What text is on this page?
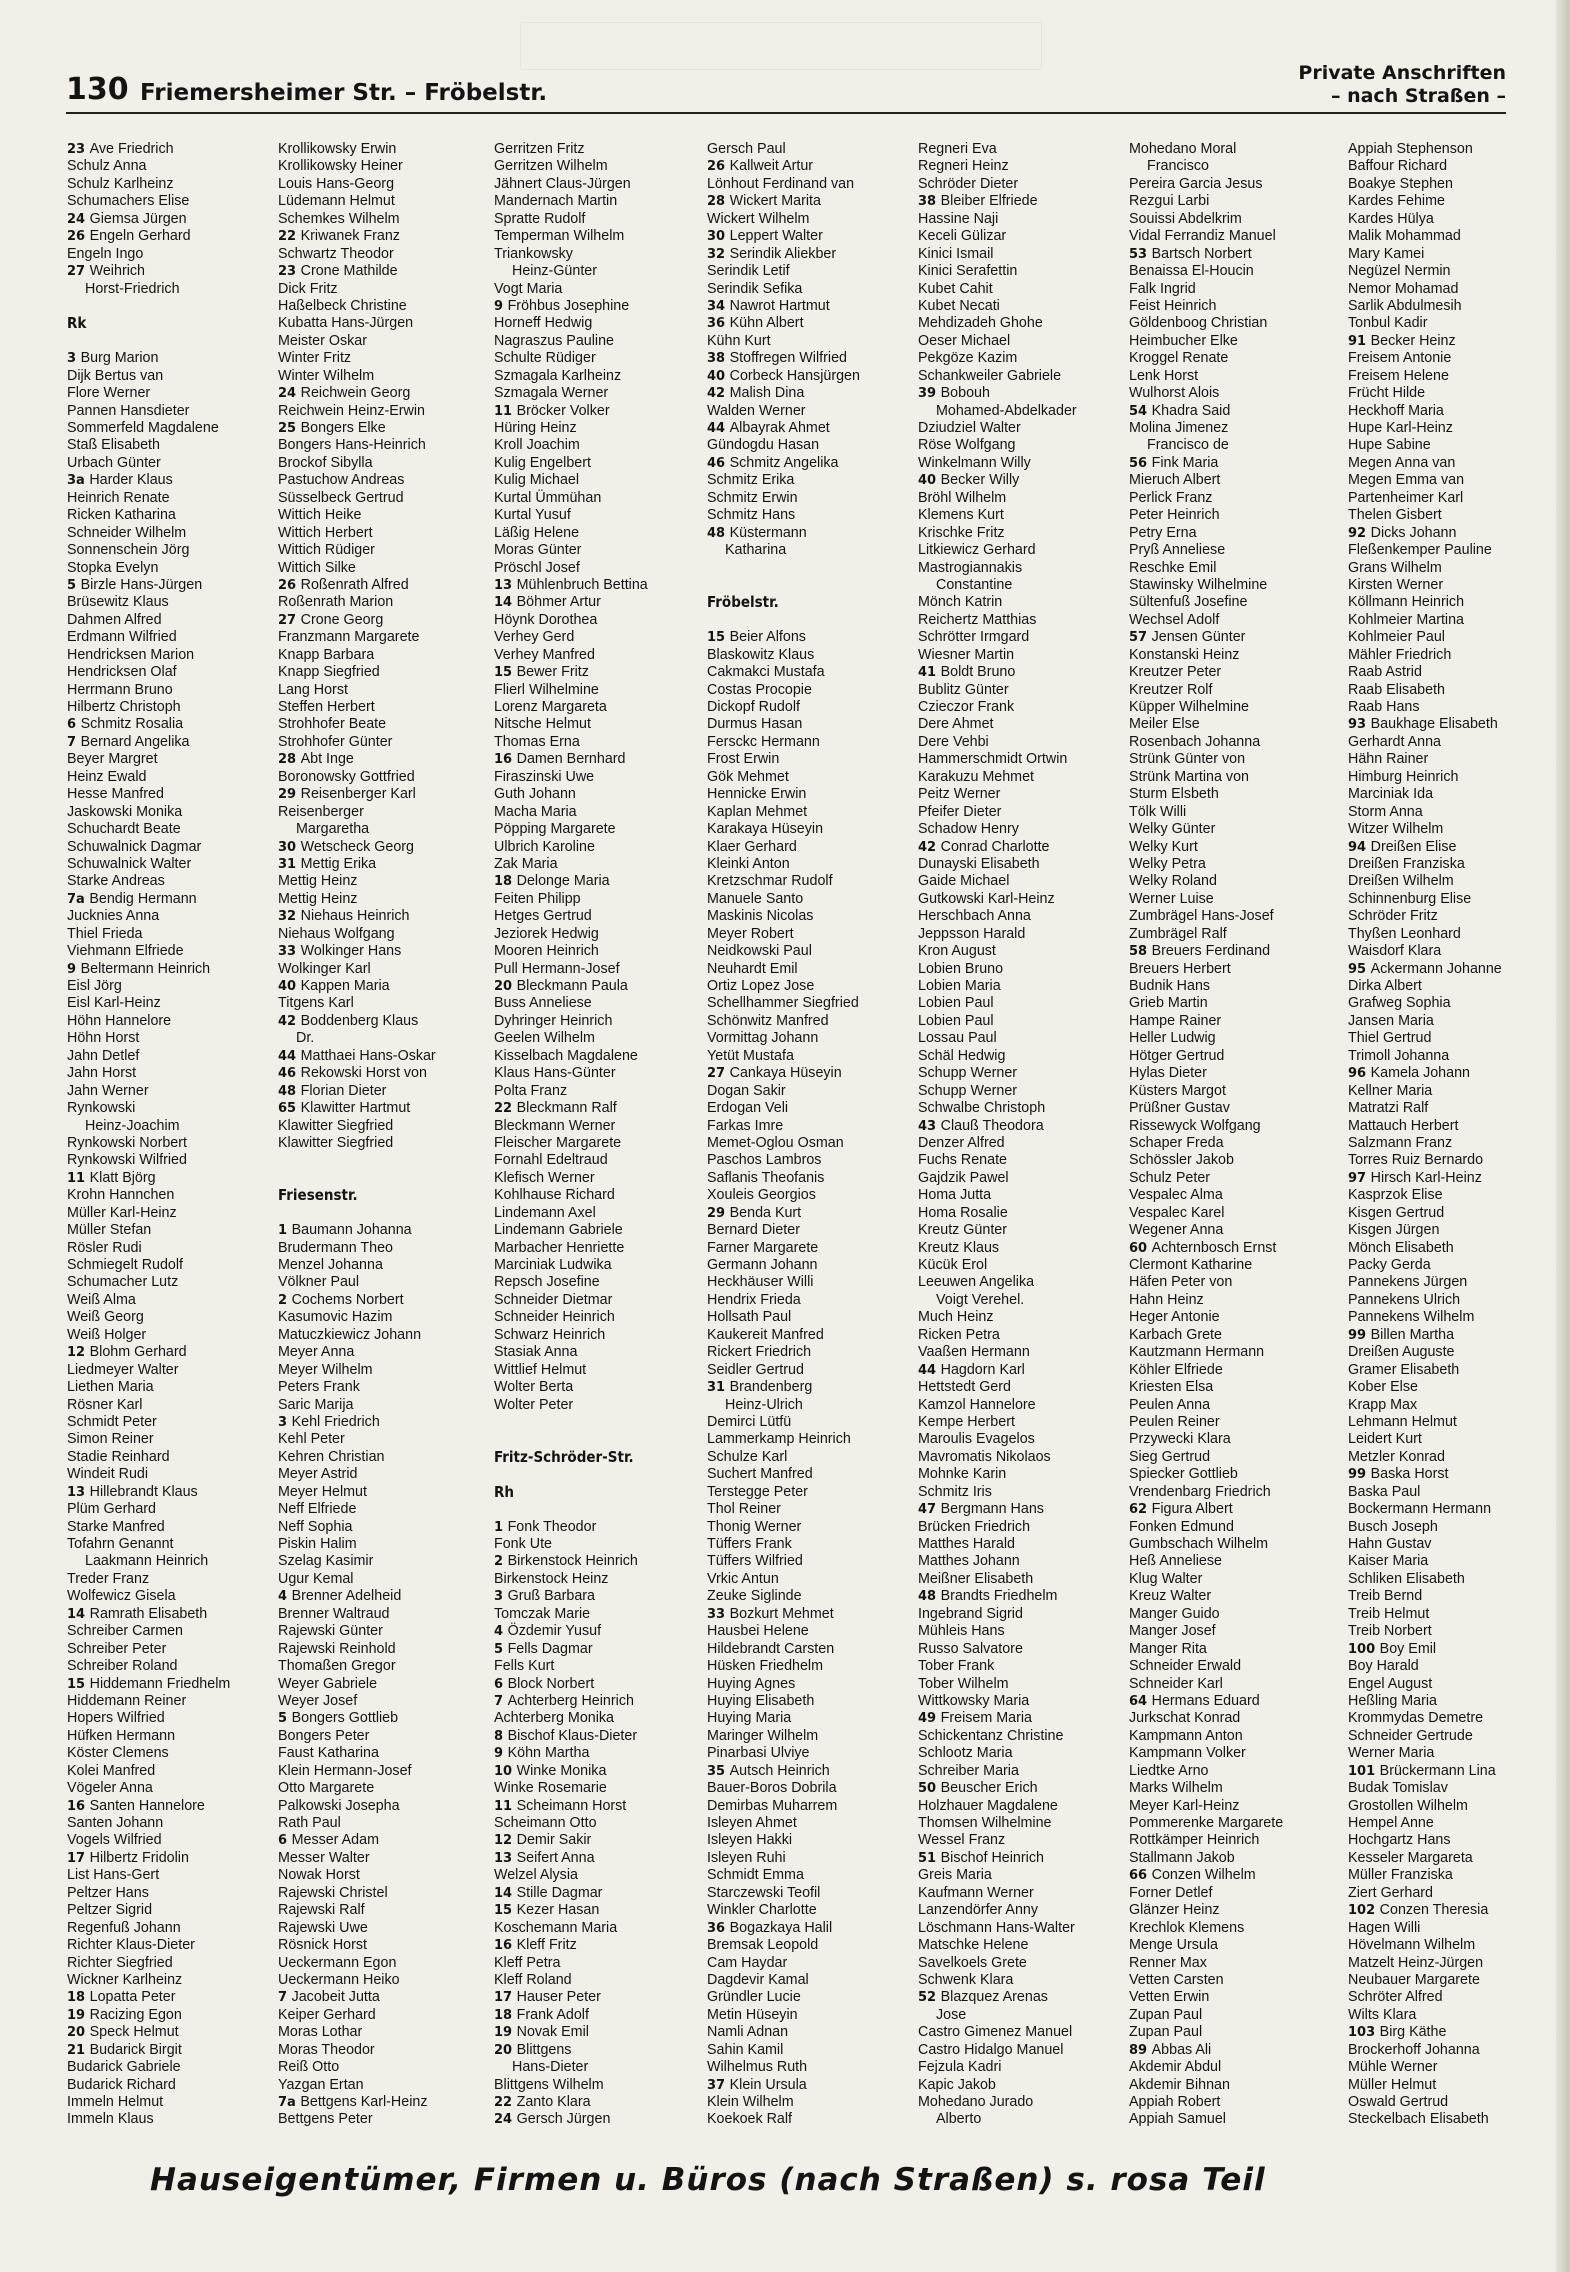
130 Friemersheimer Str. – Fröbelstr.
Private Anschriften
– nach Straßen –
23 Ave Friedrich
Schulz Anna
Schulz Karlheinz
Schumachers Elise
24 Giemsa Jürgen
26 Engeln Gerhard
Engeln Ingo
27 Weihrich
Horst-Friedrich
Rk
3 Burg Marion
Dijk Bertus van
Flore Werner
Pannen Hansdieter
Sommerfeld Magdalene
Staß Elisabeth
Urbach Günter
3a Harder Klaus
Heinrich Renate
Ricken Katharina
Schneider Wilhelm
Sonnenschein Jörg
Stopka Evelyn
5 Birzle Hans-Jürgen
Brüsewitz Klaus
Dahmen Alfred
Erdmann Wilfried
Hendricksen Marion
Hendricksen Olaf
Herrmann Bruno
Hilbertz Christoph
6 Schmitz Rosalia
7 Bernard Angelika
Beyer Margret
Heinz Ewald
Hesse Manfred
Jaskowski Monika
Schuchardt Beate
Schuwalnick Dagmar
Schuwalnick Walter
Starke Andreas
7a Bendig Hermann
Jucknies Anna
Thiel Frieda
Viehmann Elfriede
9 Beltermann Heinrich
Eisl Jörg
Eisl Karl-Heinz
Höhn Hannelore
Höhn Horst
Jahn Detlef
Jahn Horst
Jahn Werner
Rynkowski
Heinz-Joachim
Rynkowski Norbert
Rynkowski Wilfried
11 Klatt Björg
Krohn Hannchen
Müller Karl-Heinz
Müller Stefan
Rösler Rudi
Schmiegelt Rudolf
Schumacher Lutz
Weiß Alma
Weiß Georg
Weiß Holger
12 Blohm Gerhard
Liedmeyer Walter
Liethen Maria
Rösner Karl
Schmidt Peter
Simon Reiner
Stadie Reinhard
Windeit Rudi
13 Hillebrandt Klaus
Plüm Gerhard
Starke Manfred
Tofahrn Genannt
Laakmann Heinrich
Treder Franz
Wolfewicz Gisela
14 Ramrath Elisabeth
Schreiber Carmen
Schreiber Peter
Schreiber Roland
15 Hiddemann Friedhelm
Hiddemann Reiner
Hopers Wilfried
Hüfken Hermann
Köster Clemens
Kolei Manfred
Vögeler Anna
16 Santen Hannelore
Santen Johann
Vogels Wilfried
17 Hilbertz Fridolin
List Hans-Gert
Peltzer Hans
Peltzer Sigrid
Regenfuß Johann
Richter Klaus-Dieter
Richter Siegfried
Wickner Karlheinz
18 Lopatta Peter
19 Racizing Egon
20 Speck Helmut
21 Budarick Birgit
Budarick Gabriele
Budarick Richard
Immeln Helmut
Immeln Klaus
Krollikowsky Erwin
Krollikowsky Heiner
Louis Hans-Georg
Lüdemann Helmut
Schemkes Wilhelm
22 Kriwanek Franz
Schwartz Theodor
23 Crone Mathilde
Dick Fritz
Haßelbeck Christine
Kubatta Hans-Jürgen
Meister Oskar
Winter Fritz
Winter Wilhelm
24 Reichwein Georg
Reichwein Heinz-Erwin
25 Bongers Elke
Bongers Hans-Heinrich
Brockof Sibylla
Pastuchow Andreas
Süsselbeck Gertrud
Wittich Heike
Wittich Herbert
Wittich Rüdiger
Wittich Silke
26 Roßenrath Alfred
Roßenrath Marion
27 Crone Georg
Franzmann Margarete
Knapp Barbara
Knapp Siegfried
Lang Horst
Steffen Herbert
Strohhofer Beate
Strohhofer Günter
28 Abt Inge
Boronowsky Gottfried
29 Reisenberger Karl
Reisenberger
Margaretha
30 Wetscheck Georg
31 Mettig Erika
Mettig Heinz
Mettig Heinz
32 Niehaus Heinrich
Niehaus Wolfgang
33 Wolkinger Hans
Wolkinger Karl
40 Kappen Maria
Titgens Karl
42 Boddenberg Klaus
Dr.
44 Matthaei Hans-Oskar
46 Rekowski Horst von
48 Florian Dieter
65 Klawitter Hartmut
Klawitter Siegfried
Klawitter Siegfried
Friesenstr.
1 Baumann Johanna
Brudermann Theo
Menzel Johanna
Völkner Paul
2 Cochems Norbert
Kasumovic Hazim
Matuczkiewicz Johann
Meyer Anna
Meyer Wilhelm
Peters Frank
Saric Marija
3 Kehl Friedrich
Kehl Peter
Kehren Christian
Meyer Astrid
Meyer Helmut
Neff Elfriede
Neff Sophia
Piskin Halim
Szelag Kasimir
Ugur Kemal
4 Brenner Adelheid
Brenner Waltraud
Rajewski Günter
Rajewski Reinhold
Thomaßen Gregor
Weyer Gabriele
Weyer Josef
5 Bongers Gottlieb
Bongers Peter
Faust Katharina
Klein Hermann-Josef
Otto Margarete
Palkowski Josepha
Rath Paul
6 Messer Adam
Messer Walter
Nowak Horst
Rajewski Christel
Rajewski Ralf
Rajewski Uwe
Rösnick Horst
Ueckermann Egon
Ueckermann Heiko
7 Jacobeit Jutta
Keiper Gerhard
Moras Lothar
Moras Theodor
Reiß Otto
Yazgan Ertan
7a Bettgens Karl-Heinz
Bettgens Peter
Gerritzen Fritz
Gerritzen Wilhelm
Jähnert Claus-Jürgen
Mandernach Martin
Spratte Rudolf
Temperman Wilhelm
Triankowsky
Heinz-Günter
Vogt Maria
9 Fröhbus Josephine
Horneff Hedwig
Nagraszus Pauline
Schulte Rüdiger
Szmagala Karlheinz
Szmagala Werner
11 Bröcker Volker
Hüring Heinz
Kroll Joachim
Kulig Engelbert
Kulig Michael
Kurtal Ümmühan
Kurtal Yusuf
Läßig Helene
Moras Günter
Pröschl Josef
13 Mühlenbruch Bettina
14 Böhmer Artur
Höynk Dorothea
Verhey Gerd
Verhey Manfred
15 Bewer Fritz
Flierl Wilhelmine
Lorenz Margareta
Nitsche Helmut
Thomas Erna
16 Damen Bernhard
Firaszinski Uwe
Guth Johann
Macha Maria
Pöpping Margarete
Ulbrich Karoline
Zak Maria
18 Delonge Maria
Feiten Philipp
Hetges Gertrud
Jeziorek Hedwig
Mooren Heinrich
Pull Hermann-Josef
20 Bleckmann Paula
Buss Anneliese
Dyhringer Heinrich
Geelen Wilhelm
Kisselbach Magdalene
Klaus Hans-Günter
Polta Franz
22 Bleckmann Ralf
Bleckmann Werner
Fleischer Margarete
Fornahl Edeltraud
Klefisch Werner
Kohlhause Richard
Lindemann Axel
Lindemann Gabriele
Marbacher Henriette
Marciniak Ludwika
Repsch Josefine
Schneider Dietmar
Schneider Heinrich
Schwarz Heinrich
Stasiak Anna
Wittlief Helmut
Wolter Berta
Wolter Peter
Fritz-Schröder-Str.
Rh
1 Fonk Theodor
Fonk Ute
2 Birkenstock Heinrich
Birkenstock Heinz
3 Gruß Barbara
Tomczak Marie
4 Özdemir Yusuf
5 Fells Dagmar
Fells Kurt
6 Block Norbert
7 Achterberg Heinrich
Achterberg Monika
8 Bischof Klaus-Dieter
9 Köhn Martha
10 Winke Monika
Winke Rosemarie
11 Scheimann Horst
Scheimann Otto
12 Demir Sakir
13 Seifert Anna
Welzel Alysia
14 Stille Dagmar
15 Kezer Hasan
Koschemann Maria
16 Kleff Fritz
Kleff Petra
Kleff Roland
17 Hauser Peter
18 Frank Adolf
19 Novak Emil
20 Blittgens
Hans-Dieter
Blittgens Wilhelm
22 Zanto Klara
24 Gersch Jürgen
Gersch Paul
26 Kallweit Artur
Lönhout Ferdinand van
28 Wickert Marita
Wickert Wilhelm
30 Leppert Walter
32 Serindik Aliekber
Serindik Letif
Serindik Sefika
34 Nawrot Hartmut
36 Kühn Albert
Kühn Kurt
38 Stoffregen Wilfried
40 Corbeck Hansjürgen
42 Malish Dina
Walden Werner
44 Albayrak Ahmet
Gündogdu Hasan
46 Schmitz Angelika
Schmitz Erika
Schmitz Erwin
Schmitz Hans
48 Küstermann
Katharina
Fröbelstr.
15 Beier Alfons
Blaskowitz Klaus
Cakmakci Mustafa
Costas Procopie
Dickopf Rudolf
Durmus Hasan
Fersckc Hermann
Frost Erwin
Gök Mehmet
Hennicke Erwin
Kaplan Mehmet
Karakaya Hüseyin
Klaer Gerhard
Kleinki Anton
Kretzschmar Rudolf
Manuele Santo
Maskinis Nicolas
Meyer Robert
Neidkowski Paul
Neuhardt Emil
Ortiz Lopez Jose
Schellhammer Siegfried
Schönwitz Manfred
Vormittag Johann
Yetüt Mustafa
27 Cankaya Hüseyin
Dogan Sakir
Erdogan Veli
Farkas Imre
Memet-Oglou Osman
Paschos Lambros
Saflanis Theofanis
Xouleis Georgios
29 Benda Kurt
Bernard Dieter
Farner Margarete
Germann Johann
Heckhäuser Willi
Hendrix Frieda
Hollsath Paul
Kaukereit Manfred
Rickert Friedrich
Seidler Gertrud
31 Brandenberg
Heinz-Ulrich
Demirci Lütfü
Lammerkamp Heinrich
Schulze Karl
Suchert Manfred
Terstegge Peter
Thol Reiner
Thonig Werner
Tüffers Frank
Tüffers Wilfried
Vrkic Antun
Zeuke Siglinde
33 Bozkurt Mehmet
Hausbei Helene
Hildebrandt Carsten
Hüsken Friedhelm
Huying Agnes
Huying Elisabeth
Huying Maria
Maringer Wilhelm
Pinarbasi Ulviye
35 Autsch Heinrich
Bauer-Boros Dobrila
Demirbas Muharrem
Isleyen Ahmet
Isleyen Hakki
Isleyen Ruhi
Schmidt Emma
Starczewski Teofil
Winkler Charlotte
36 Bogazkaya Halil
Bremsak Leopold
Cam Haydar
Dagdevir Kamal
Gründler Lucie
Metin Hüseyin
Namli Adnan
Sahin Kamil
Wilhelmus Ruth
37 Klein Ursula
Klein Wilhelm
Koekoek Ralf
Regneri Eva
Regneri Heinz
Schröder Dieter
38 Bleiber Elfriede
Hassine Naji
Keceli Gülizar
Kinici Ismail
Kinici Serafettin
Kubet Cahit
Kubet Necati
Mehdizadeh Ghohe
Oeser Michael
Pekgöze Kazim
Schankweiler Gabriele
39 Bobouh
Mohamed-Abdelkader
Dziudziel Walter
Röse Wolfgang
Winkelmann Willy
40 Becker Willy
Bröhl Wilhelm
Klemens Kurt
Krischke Fritz
Litkiewicz Gerhard
Mastrogiannakis
Constantine
Mönch Katrin
Reichertz Matthias
Schrötter Irmgard
Wiesner Martin
41 Boldt Bruno
Bublitz Günter
Czieczor Frank
Dere Ahmet
Dere Vehbi
Hammerschmidt Ortwin
Karakuzu Mehmet
Peitz Werner
Pfeifer Dieter
Schadow Henry
42 Conrad Charlotte
Dunayski Elisabeth
Gaide Michael
Gutkowski Karl-Heinz
Herschbach Anna
Jeppsson Harald
Kron August
Lobien Bruno
Lobien Maria
Lobien Paul
Lobien Paul
Lossau Paul
Schäl Hedwig
Schupp Werner
Schupp Werner
Schwalbe Christoph
43 Clauß Theodora
Denzer Alfred
Fuchs Renate
Gajdzik Pawel
Homa Jutta
Homa Rosalie
Kreutz Günter
Kreutz Klaus
Kücük Erol
Leeuwen Angelika
Voigt Verehel.
Much Heinz
Ricken Petra
Vaaßen Hermann
44 Hagdorn Karl
Hettstedt Gerd
Kamzol Hannelore
Kempe Herbert
Maroulis Evagelos
Mavromatis Nikolaos
Mohnke Karin
Schmitz Iris
47 Bergmann Hans
Brücken Friedrich
Matthes Harald
Matthes Johann
Meißner Elisabeth
48 Brandts Friedhelm
Ingebrand Sigrid
Mühleis Hans
Russo Salvatore
Tober Frank
Tober Wilhelm
Wittkowsky Maria
49 Freisem Maria
Schickentanz Christine
Schlootz Maria
Schreiber Maria
50 Beuscher Erich
Holzhauer Magdalene
Thomsen Wilhelmine
Wessel Franz
51 Bischof Heinrich
Greis Maria
Kaufmann Werner
Lanzendörfer Anny
Löschmann Hans-Walter
Matschke Helene
Savelkoels Grete
Schwenk Klara
52 Blazquez Arenas
Jose
Castro Gimenez Manuel
Castro Hidalgo Manuel
Fejzula Kadri
Kapic Jakob
Mohedano Jurado
Alberto
Mohedano Moral
Francisco
Pereira Garcia Jesus
Rezgui Larbi
Souissi Abdelkrim
Vidal Ferrandiz Manuel
53 Bartsch Norbert
Benaissa El-Houcin
Falk Ingrid
Feist Heinrich
Göldenboog Christian
Heimbucher Elke
Kroggel Renate
Lenk Horst
Wulhorst Alois
54 Khadra Said
Molina Jimenez
Francisco de
56 Fink Maria
Mieruch Albert
Perlick Franz
Peter Heinrich
Petry Erna
Pryß Anneliese
Reschke Emil
Stawinsky Wilhelmine
Sültenfuß Josefine
Wechsel Adolf
57 Jensen Günter
Konstanski Heinz
Kreutzer Peter
Kreutzer Rolf
Küpper Wilhelmine
Meiler Else
Rosenbach Johanna
Strünk Günter von
Strünk Martina von
Sturm Elsbeth
Tölk Willi
Welky Günter
Welky Kurt
Welky Petra
Welky Roland
Werner Luise
Zumbrägel Hans-Josef
Zumbrägel Ralf
58 Breuers Ferdinand
Breuers Herbert
Budnik Hans
Grieb Martin
Hampe Rainer
Heller Ludwig
Hötger Gertrud
Hylas Dieter
Küsters Margot
Prüßner Gustav
Rissewyck Wolfgang
Schaper Freda
Schössler Jakob
Schulz Peter
Vespalec Alma
Vespalec Karel
Wegener Anna
60 Achternbosch Ernst
Clermont Katharine
Häfen Peter von
Hahn Heinz
Heger Antonie
Karbach Grete
Kautzmann Hermann
Köhler Elfriede
Kriesten Elsa
Peulen Anna
Peulen Reiner
Przywecki Klara
Sieg Gertrud
Spiecker Gottlieb
Vrendenbarg Friedrich
62 Figura Albert
Fonken Edmund
Gumbschach Wilhelm
Heß Anneliese
Klug Walter
Kreuz Walter
Manger Guido
Manger Josef
Manger Rita
Schneider Erwald
Schneider Karl
64 Hermans Eduard
Jurkschat Konrad
Kampmann Anton
Kampmann Volker
Liedtke Arno
Marks Wilhelm
Meyer Karl-Heinz
Pommerenke Margarete
Rottkämper Heinrich
Stallmann Jakob
66 Conzen Wilhelm
Forner Detlef
Glänzer Heinz
Krechlok Klemens
Menge Ursula
Renner Max
Vetten Carsten
Vetten Erwin
Zupan Paul
Zupan Paul
89 Abbas Ali
Akdemir Abdul
Akdemir Bihnan
Appiah Robert
Appiah Samuel
Appiah Stephenson
Baffour Richard
Boakye Stephen
Kardes Fehime
Kardes Hülya
Malik Mohammad
Mary Kamei
Negüzel Nermin
Nemor Mohamad
Sarlik Abdulmesih
Tonbul Kadir
91 Becker Heinz
Freisem Antonie
Freisem Helene
Frücht Hilde
Heckhoff Maria
Hupe Karl-Heinz
Hupe Sabine
Megen Anna van
Megen Emma van
Partenheimer Karl
Thelen Gisbert
92 Dicks Johann
Fleßenkemper Pauline
Grans Wilhelm
Kirsten Werner
Köllmann Heinrich
Kohlmeier Martina
Kohlmeier Paul
Mähler Friedrich
Raab Astrid
Raab Elisabeth
Raab Hans
93 Baukhage Elisabeth
Gerhardt Anna
Hähn Rainer
Himburg Heinrich
Marciniak Ida
Storm Anna
Witzer Wilhelm
94 Dreißen Elise
Dreißen Franziska
Dreißen Wilhelm
Schinnenburg Elise
Schröder Fritz
Thyßen Leonhard
Waisdorf Klara
95 Ackermann Johanne
Dirka Albert
Grafweg Sophia
Jansen Maria
Thiel Gertrud
Trimoll Johanna
96 Kamela Johann
Kellner Maria
Matratzi Ralf
Mattauch Herbert
Salzmann Franz
Torres Ruiz Bernardo
97 Hirsch Karl-Heinz
Kasprzok Elise
Kisgen Gertrud
Kisgen Jürgen
Mönch Elisabeth
Packy Gerda
Pannekens Jürgen
Pannekens Ulrich
Pannekens Wilhelm
99 Billen Martha
Dreißen Auguste
Gramer Elisabeth
Kober Else
Krapp Max
Lehmann Helmut
Leidert Kurt
Metzler Konrad
99 Baska Horst
Baska Paul
Bockermann Hermann
Busch Joseph
Hahn Gustav
Kaiser Maria
Schliken Elisabeth
Treib Bernd
Treib Helmut
Treib Norbert
100 Boy Emil
Boy Harald
Engel August
Heßling Maria
Krommydas Demetre
Schneider Gertrude
Werner Maria
101 Brückermann Lina
Budak Tomislav
Grostollen Wilhelm
Hempel Anne
Hochgartz Hans
Kesseler Margareta
Müller Franziska
Ziert Gerhard
102 Conzen Theresia
Hagen Willi
Hövelmann Wilhelm
Matzelt Heinz-Jürgen
Neubauer Margarete
Schröter Alfred
Wilts Klara
103 Birg Käthe
Brockerhoff Johanna
Mühle Werner
Müller Helmut
Oswald Gertrud
Steckelbach Elisabeth
Hauseigentümer, Firmen u. Büros (nach Straßen) s. rosa Teil
